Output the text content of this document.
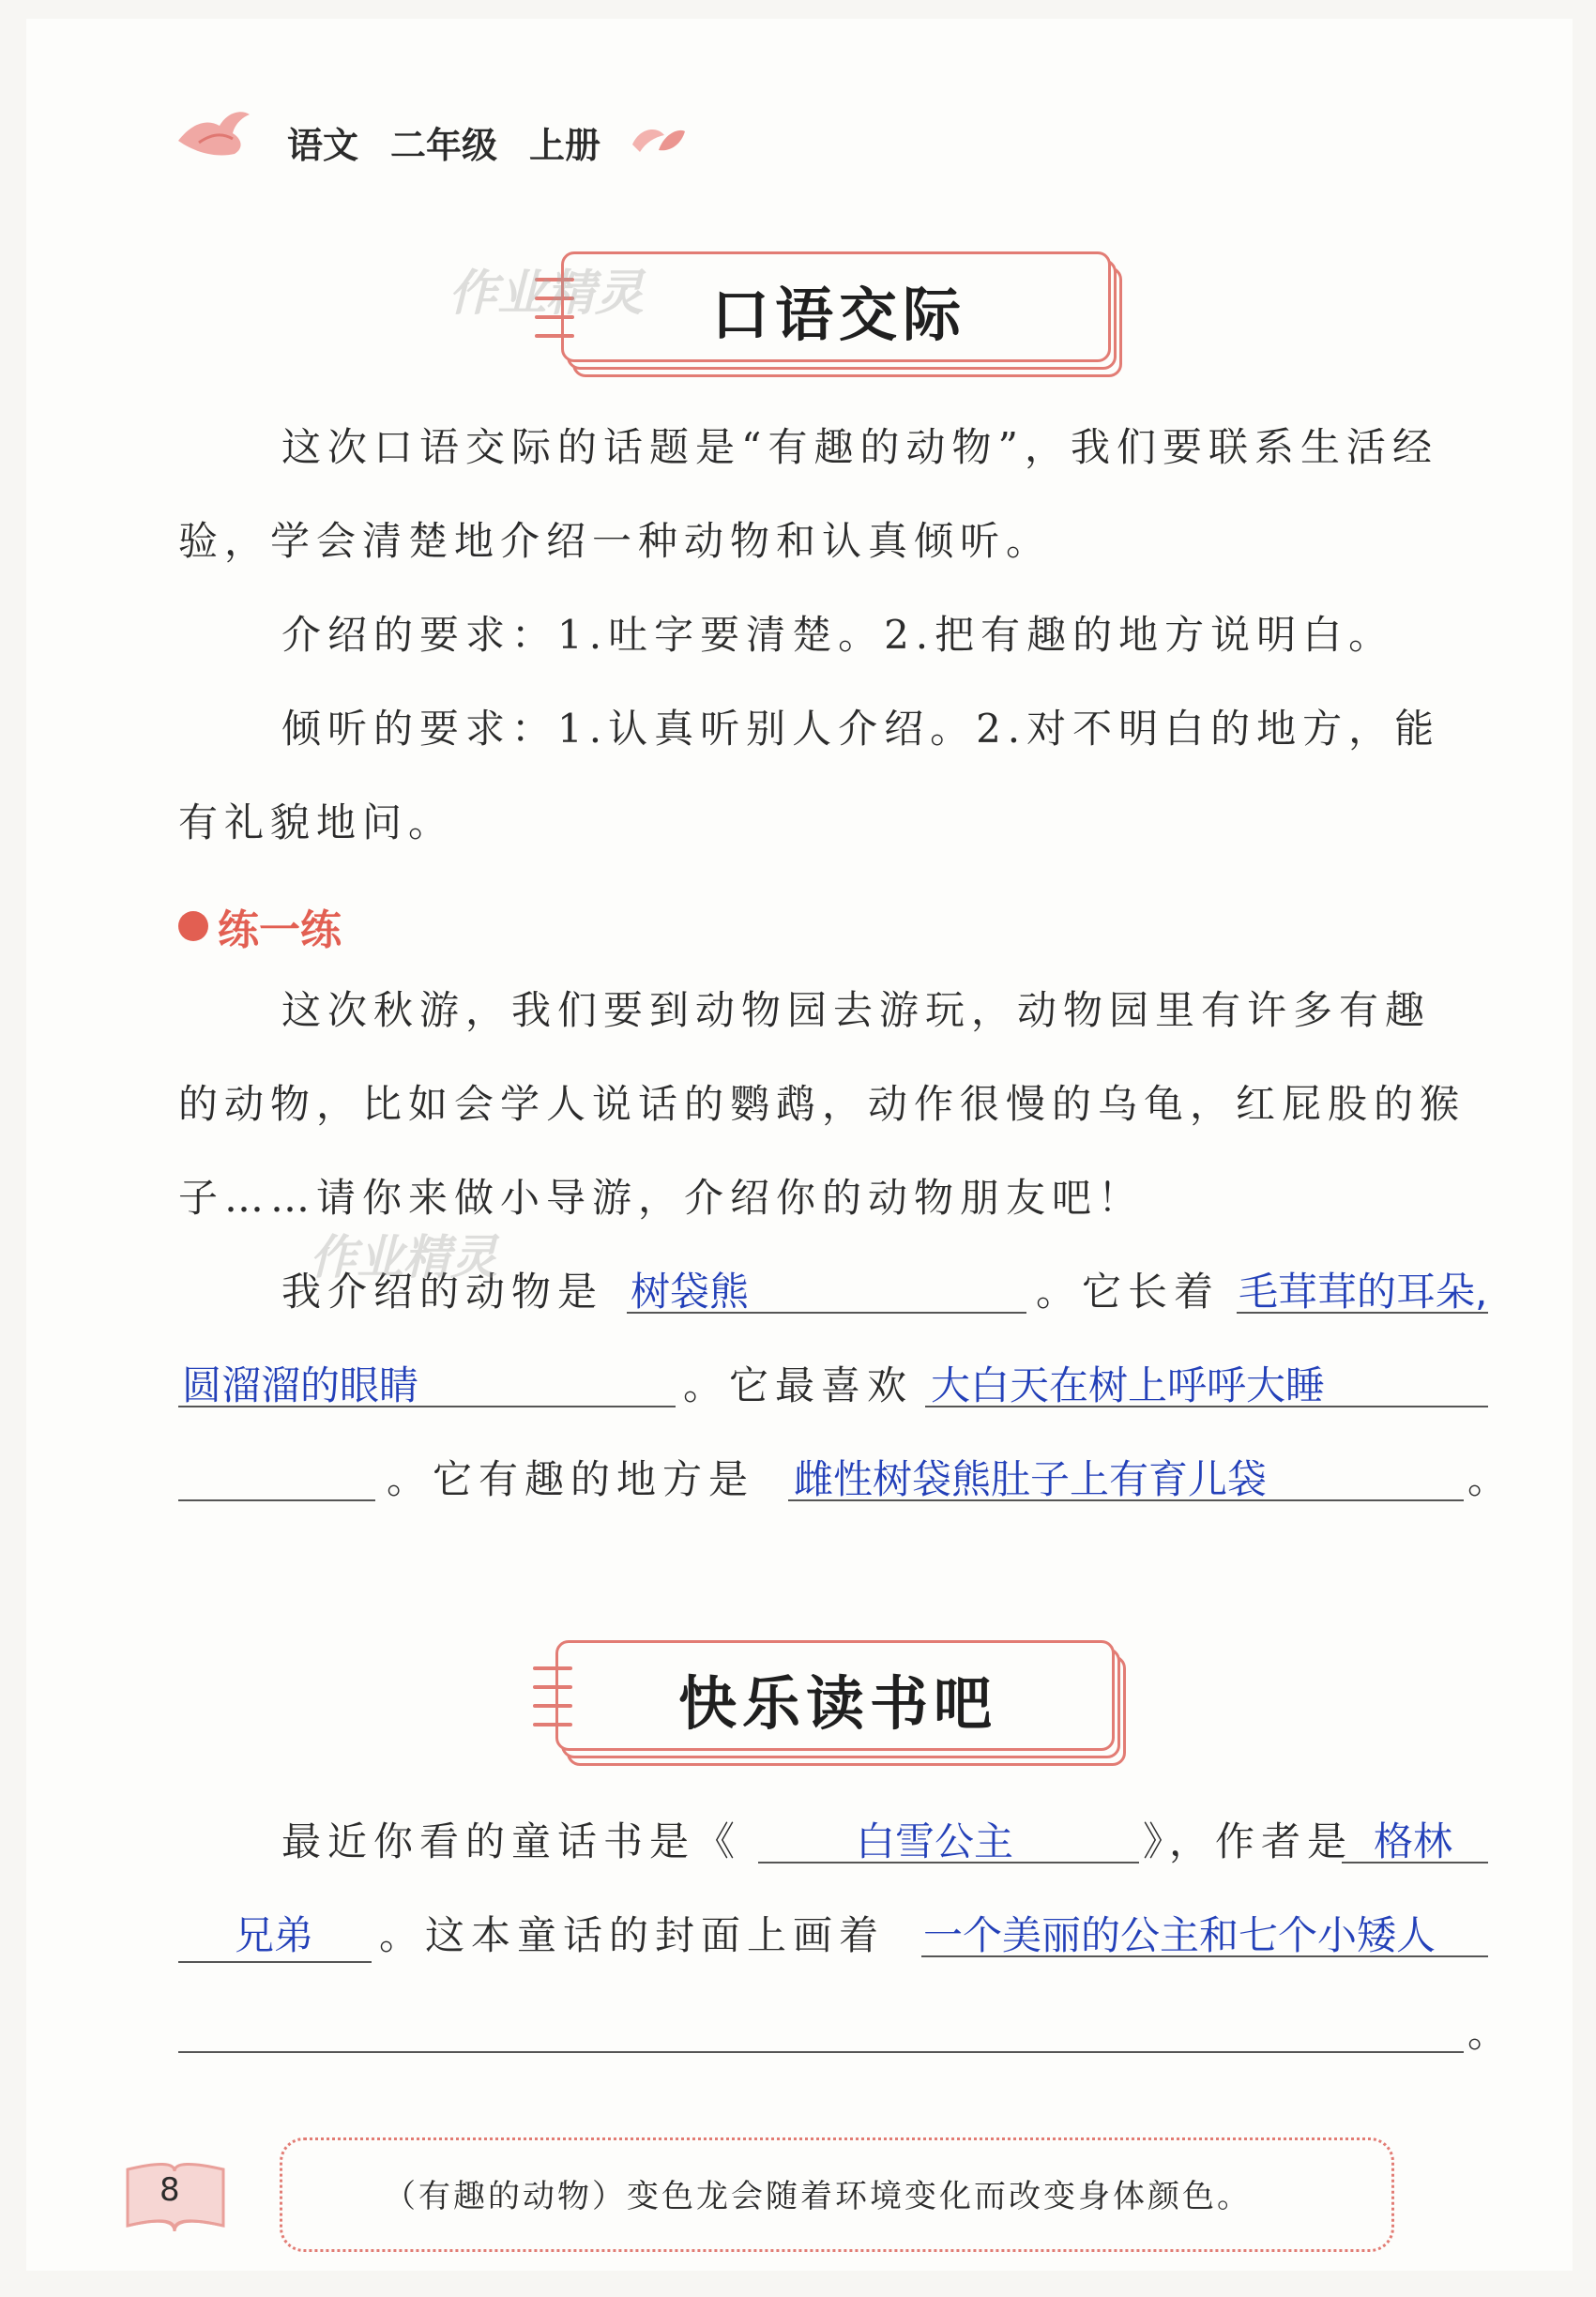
语文 二年级 上册
口语交际
作业精灵
这次口语交际的话题是“有趣的动物”，我们要联系生活经
验，学会清楚地介绍一种动物和认真倾听。
介绍的要求：1.吐字要清楚。2.把有趣的地方说明白。
倾听的要求：1.认真听别人介绍。2.对不明白的地方，能
有礼貌地问。
练一练
这次秋游，我们要到动物园去游玩，动物园里有许多有趣
的动物，比如会学人说话的鹦鹉，动作很慢的乌龟，红屁股的猴
子……请你来做小导游，介绍你的动物朋友吧！
我介绍的动物是 树袋熊	。它长着 毛茸茸的耳朵,
圆溜溜的眼睛	。它最喜欢 大白天在树上呼呼大睡
。它有趣的地方是 雌性树袋熊肚子上有育儿袋	。
作业精灵
快乐读书吧
最近你看的童话书是《	白雪公主	》，作者是 格林
兄弟 。这本童话的封面上画着 一个美丽的公主和七个小矮人
。
8	（有趣的动物）变色龙会随着环境变化而改变身体颜色。
